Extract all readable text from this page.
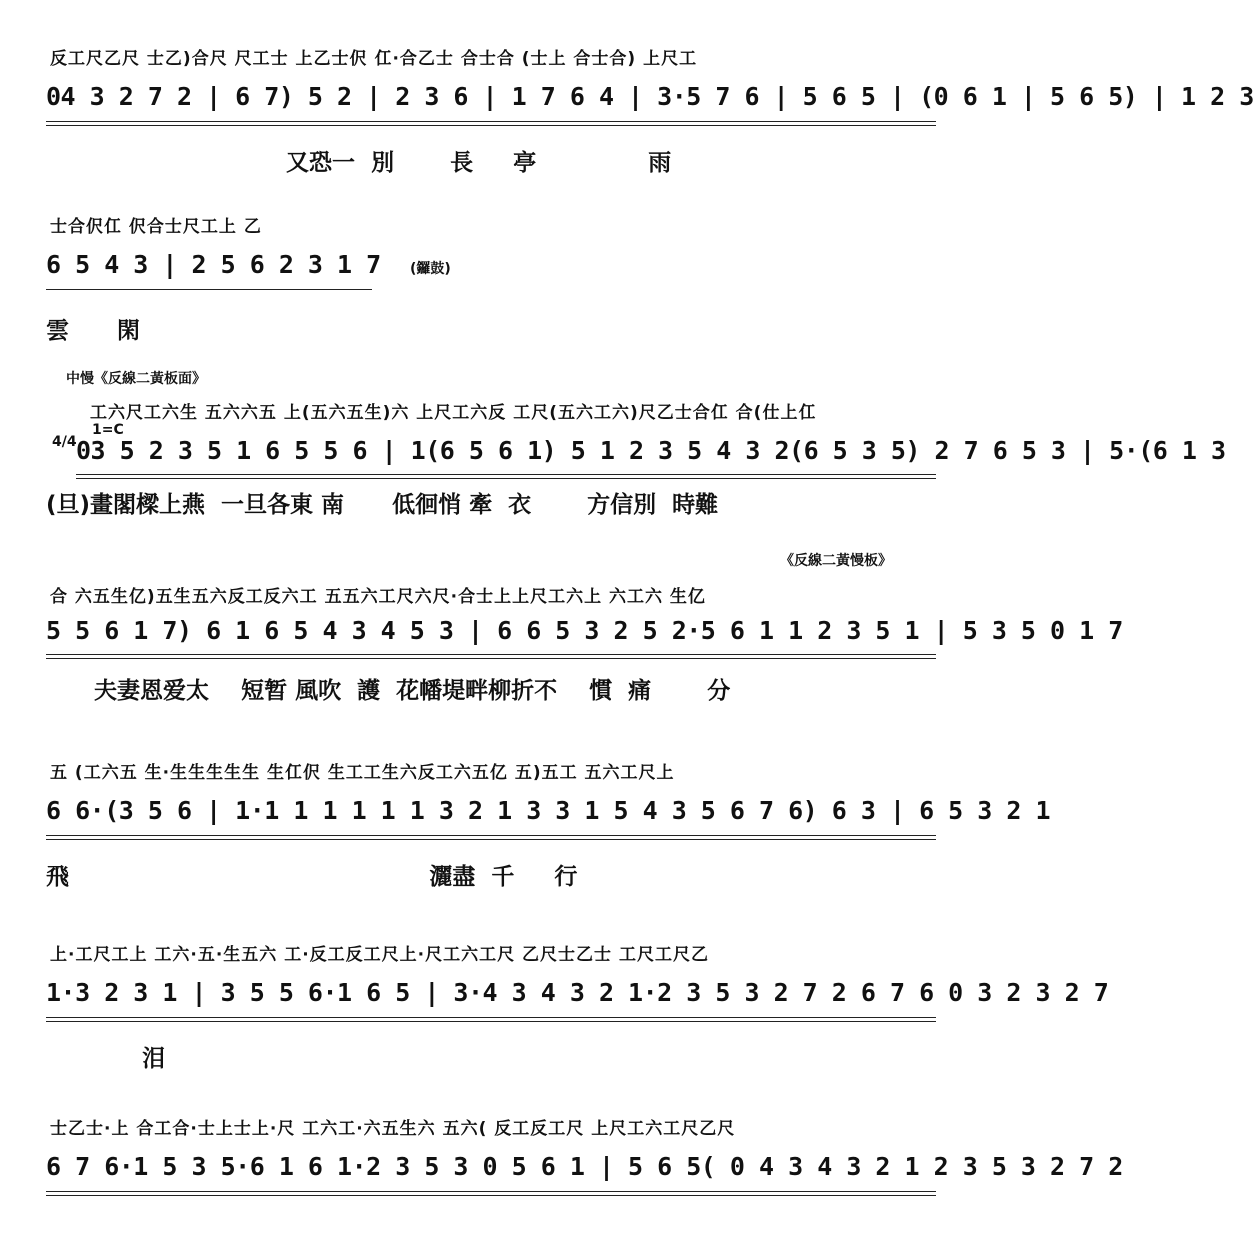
反工尺乙尺 士乙)合尺 尺工士 上乙士伬 仜·合乙士 合士合 (士上 合士合) 上尺工
04 3 2 7 2 | 6 7) 5 2 | 2 3 6 | 1 7 6 4 | 3·5 7 6 | 5 6 5 | (0 6 1 | 5 6 5) | 1 2 3
又恐一  別       長     亭              雨
士合伬仜 伬合士尺工上 乙
6 5 4 3 | 2 5 6 2 3 1 7
雲      閑
(鑼鼓)
中慢《反線二黃板面》
1=C
4/4
工六尺工六生 五六六五 上(五六五生)六 上尺工六反 工尺(五六工六)尺乙士合仜 合(仕上仜
03 5 2 3 5 1 6 5 5 6 | 1(6 5 6 1) 5 1 2 3 5 4 3 2(6 5 3 5) 2 7 6 5 3 | 5·(6 1 3
(旦)畫閣樑上燕  一旦各東 南      低徊悄 牽  衣       方信別  時難
《反線二黃慢板》
合 六五生亿)五生五六反工反六工 五五六工尺六尺·合士上上尺工六上 六工六 生亿
5 5 6 1 7) 6 1 6 5 4 3 4 5 3 | 6 6 5 3 2 5 2·5 6 1 1 2 3 5 1 | 5 3 5 0 1 7
夫妻恩爱太    短暂 風吹  護  花幡堤畔柳折不    慣  痛       分
五 (工六五 生·生生生生生 生仜伬 生工工生六反工六五亿 五)五工 五六工尺上
6 6·(3 5 6 | 1·1 1 1 1 1 1 3 2 1 3 3 1 5 4 3 5 6 7 6) 6 3 | 6 5 3 2 1
飛                                             灑盡  千     行
上·工尺工上 工六·五·生五六 工·反工反工尺上·尺工六工尺 乙尺士乙士 工尺工尺乙
1·3 2 3 1 | 3 5 5 6·1 6 5 | 3·4 3 4 3 2 1·2 3 5 3 2 7 2 6 7 6 0 3 2 3 2 7
泪
士乙士·上 合工合·士上士上·尺 工六工·六五生六 五六( 反工反工尺 上尺工六工尺乙尺
6 7 6·1 5 3 5·6 1 6 1·2 3 5 3 0 5 6 1 | 5 6 5( 0 4 3 4 3 2 1 2 3 5 3 2 7 2
